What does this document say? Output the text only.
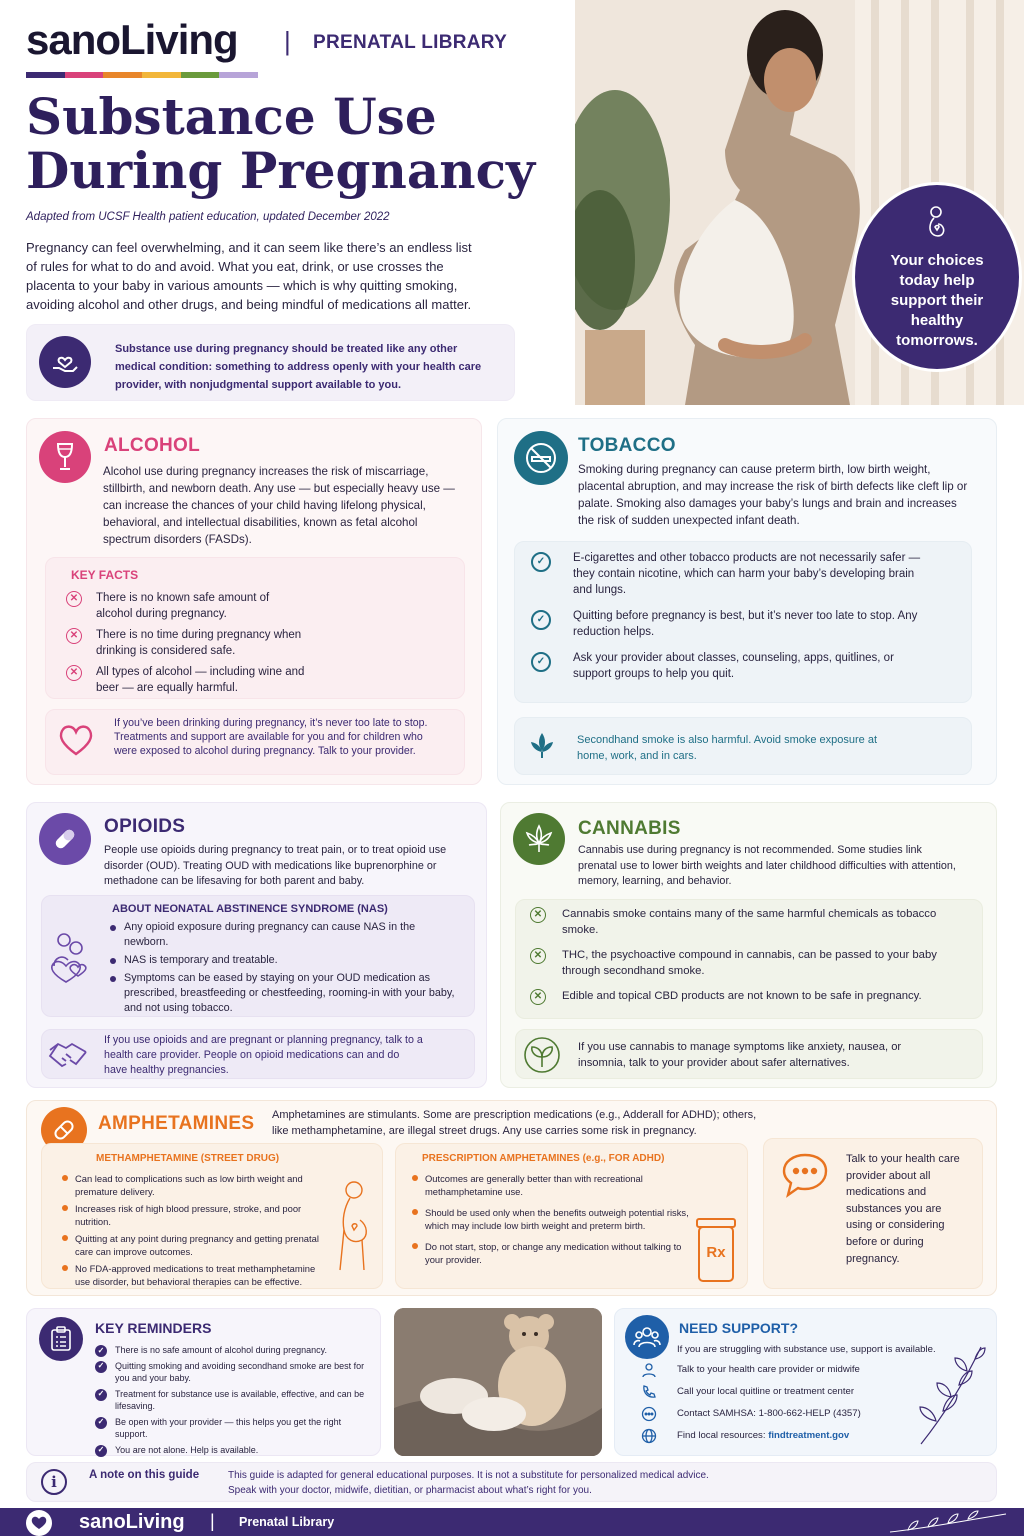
sanoLiving | PRENATAL LIBRARY
Substance Use
During Pregnancy
Adapted from UCSF Health patient education, updated December 2022
Pregnancy can feel overwhelming, and it can seem like there’s an endless list of rules for what to do and avoid. What you eat, drink, or use crosses the placenta to your baby in various amounts — which is why quitting smoking, avoiding alcohol and other drugs, and being mindful of medications all matter.
Substance use during pregnancy should be treated like any other medical condition: something to address openly with your health care provider, with nonjudgmental support available to you.
Your choices today help support their healthy tomorrows.
ALCOHOL
Alcohol use during pregnancy increases the risk of miscarriage, stillbirth, and newborn death. Any use — but especially heavy use — can increase the chances of your child having lifelong physical, behavioral, and intellectual disabilities, known as fetal alcohol spectrum disorders (FASDs).
KEY FACTS
✕	There is no known safe amount of alcohol during pregnancy.
✕	There is no time during pregnancy when drinking is considered safe.
✕	All types of alcohol — including wine and beer — are equally harmful.
If you’ve been drinking during pregnancy, it’s never too late to stop. Treatments and support are available for you and for children who were exposed to alcohol during pregnancy. Talk to your provider.
TOBACCO
Smoking during pregnancy can cause preterm birth, low birth weight, placental abruption, and may increase the risk of birth defects like cleft lip or palate. Smoking also damages your baby’s lungs and brain and increases the risk of sudden unexpected infant death.
✓	E-cigarettes and other tobacco products are not necessarily safer — they contain nicotine, which can harm your baby’s developing brain and lungs.
✓	Quitting before pregnancy is best, but it’s never too late to stop. Any reduction helps.
✓	Ask your provider about classes, counseling, apps, quitlines, or support groups to help you quit.
Secondhand smoke is also harmful. Avoid smoke exposure at home, work, and in cars.
OPIOIDS
People use opioids during pregnancy to treat pain, or to treat opioid use disorder (OUD). Treating OUD with medications like buprenorphine or methadone can be lifesaving for both parent and baby.
ABOUT NEONATAL ABSTINENCE SYNDROME (NAS)
Any opioid exposure during pregnancy can cause NAS in the newborn.
NAS is temporary and treatable.
Symptoms can be eased by staying on your OUD medication as prescribed, breastfeeding or chestfeeding, rooming-in with your baby, and not using tobacco.
If you use opioids and are pregnant or planning pregnancy, talk to a health care provider. People on opioid medications can and do have healthy pregnancies.
CANNABIS
Cannabis use during pregnancy is not recommended. Some studies link prenatal use to lower birth weights and later childhood difficulties with attention, memory, learning, and behavior.
✕	Cannabis smoke contains many of the same harmful chemicals as tobacco smoke.
✕	THC, the psychoactive compound in cannabis, can be passed to your baby through secondhand smoke.
✕	Edible and topical CBD products are not known to be safe in pregnancy.
If you use cannabis to manage symptoms like anxiety, nausea, or insomnia, talk to your provider about safer alternatives.
AMPHETAMINES Amphetamines are stimulants. Some are prescription medications (e.g., Adderall for ADHD); others, like methamphetamine, are illegal street drugs. Any use carries some risk in pregnancy.
METHAMPHETAMINE (STREET DRUG)
Can lead to complications such as low birth weight and premature delivery.
Increases risk of high blood pressure, stroke, and poor nutrition.
Quitting at any point during pregnancy and getting prenatal care can improve outcomes.
No FDA-approved medications to treat methamphetamine use disorder, but behavioral therapies can be effective.
PRESCRIPTION AMPHETAMINES (e.g., FOR ADHD)
Outcomes are generally better than with recreational methamphetamine use.
Should be used only when the benefits outweigh potential risks, which may include low birth weight and preterm birth.
Do not start, stop, or change any medication without talking to your provider.	Rx
Talk to your health care provider about all medications and substances you are using or considering before or during pregnancy.
KEY REMINDERS
✓ There is no safe amount of alcohol during pregnancy.
✓ Quitting smoking and avoiding secondhand smoke are best for you and your baby.
✓ Treatment for substance use is available, effective, and can be lifesaving.
✓ Be open with your provider — this helps you get the right support.
✓ You are not alone. Help is available.
NEED SUPPORT?
If you are struggling with substance use, support is available.
Talk to your health care provider or midwife
Call your local quitline or treatment center
Contact SAMHSA: 1-800-662-HELP (4357)
Find local resources: findtreatment.gov
i	A note on this guide	This guide is adapted for general educational purposes. It is not a substitute for personalized medical advice. Speak with your doctor, midwife, dietitian, or pharmacist about what’s right for you.
sanoLiving | Prenatal Library
